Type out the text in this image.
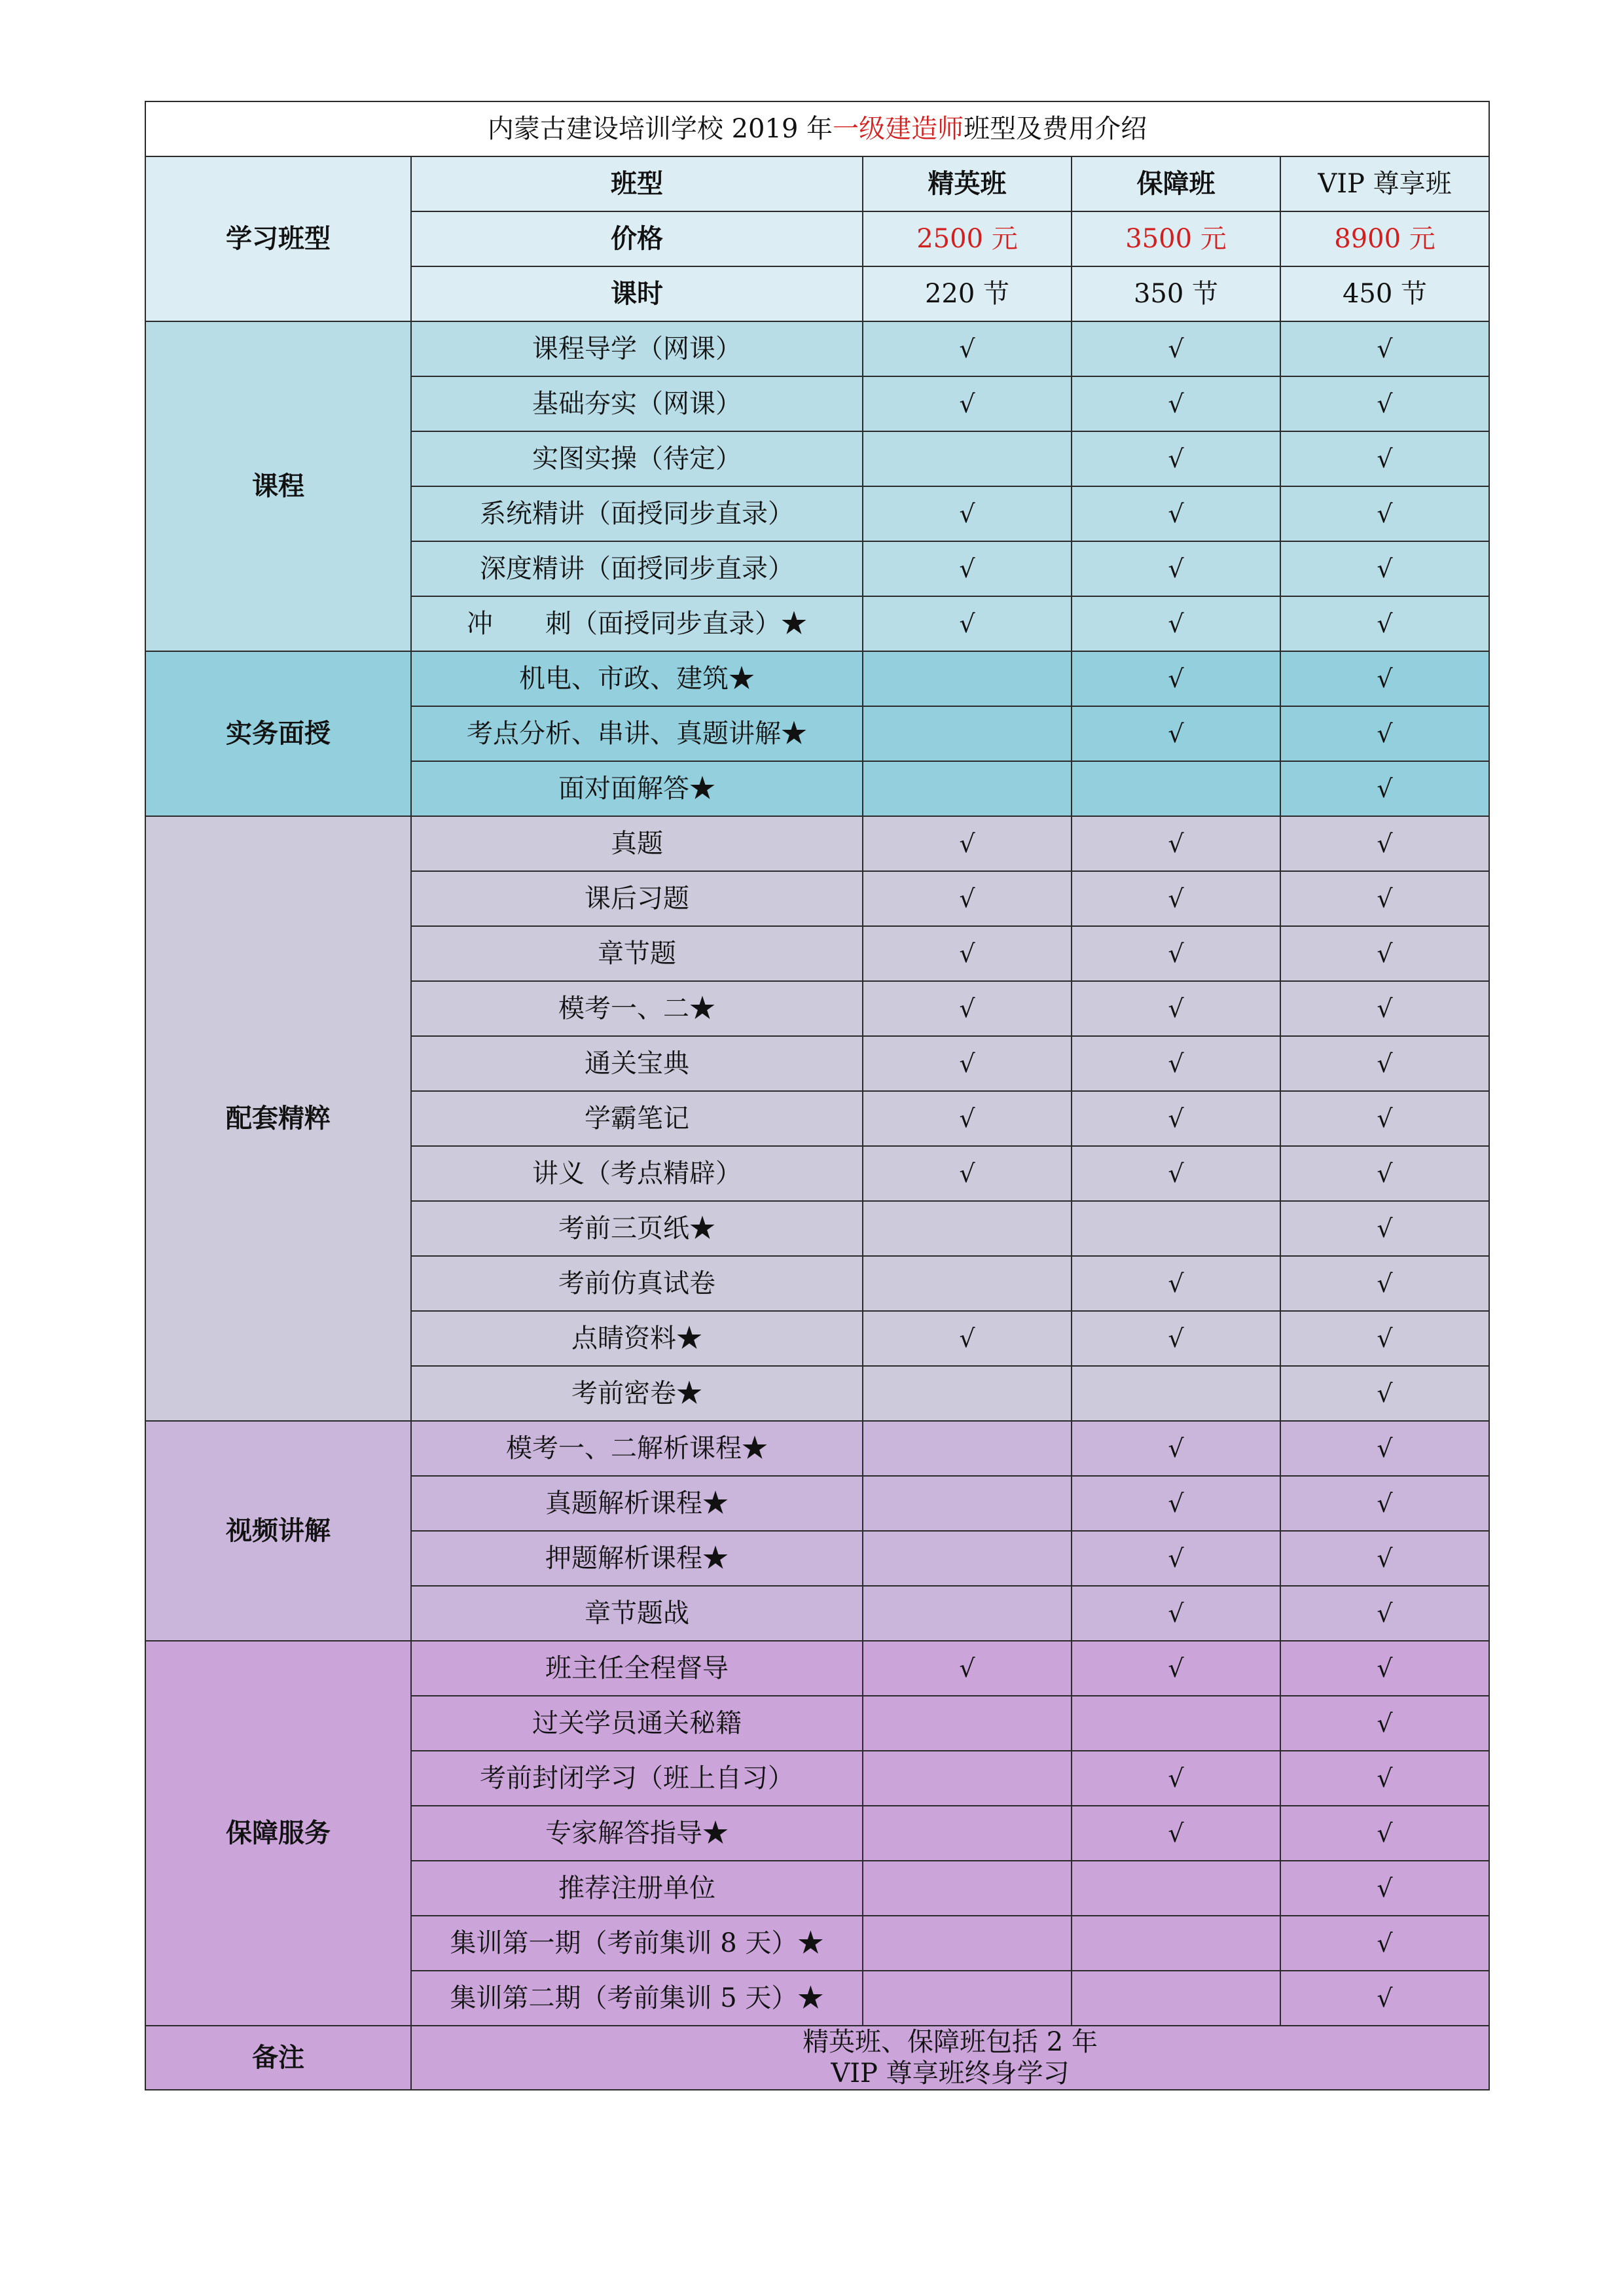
内蒙古建设培训学校 2019 年一级建造师班型及费用介绍				
学习班型	班型	精英班	保障班	VIP 尊享班
	价格	2500 元	3500 元	8900 元
	课时	220 节	350 节	450 节
课程	课程导学（网课）	√	√	√
	基础夯实（网课）	√	√	√
	实图实操（待定）		√	√
	系统精讲（面授同步直录）	√	√	√
	深度精讲（面授同步直录）	√	√	√
	冲　　刺（面授同步直录）★	√	√	√
实务面授	机电、市政、建筑★		√	√
	考点分析、串讲、真题讲解★		√	√
	面对面解答★			√
配套精粹	真题	√	√	√
	课后习题	√	√	√
	章节题	√	√	√
	模考一、二★	√	√	√
	通关宝典	√	√	√
	学霸笔记	√	√	√
	讲义（考点精辟）	√	√	√
	考前三页纸★			√
	考前仿真试卷		√	√
	点睛资料★	√	√	√
	考前密卷★			√
视频讲解	模考一、二解析课程★		√	√
	真题解析课程★		√	√
	押题解析课程★		√	√
	章节题战		√	√
保障服务	班主任全程督导	√	√	√
	过关学员通关秘籍			√
	考前封闭学习（班上自习）		√	√
	专家解答指导★		√	√
	推荐注册单位			√
	集训第一期（考前集训 8 天）★			√
	集训第二期（考前集训 5 天）★			√
备注	精英班、保障班包括 2 年
VIP 尊享班终身学习			
